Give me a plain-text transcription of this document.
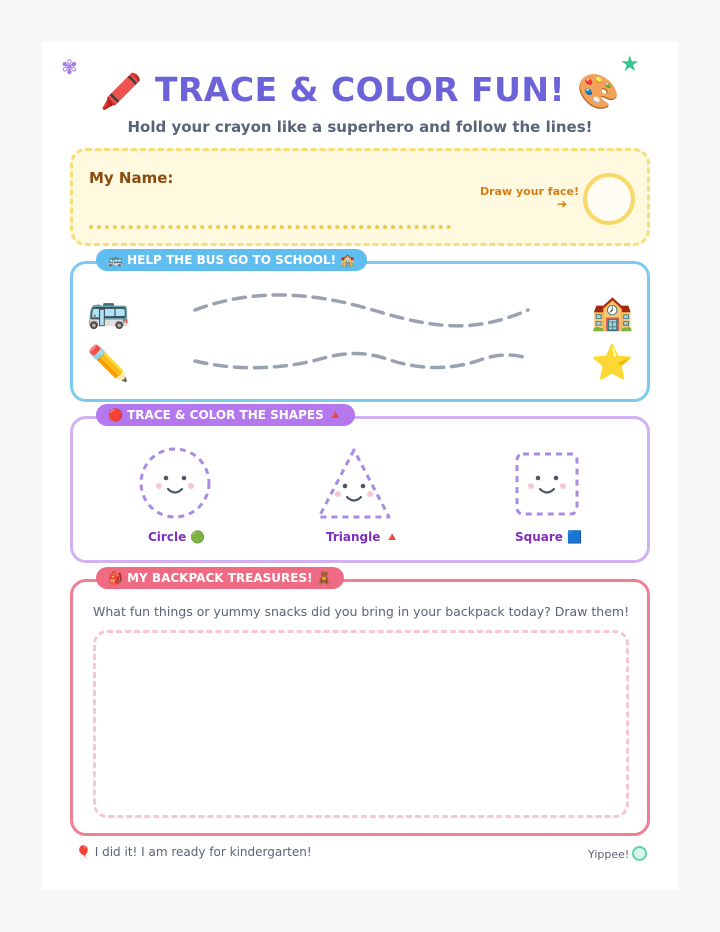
✾	★
🖍️ TRACE & COLOR FUN! 🎨
Hold your crayon like a superhero and follow the lines!
My Name:
Draw your face!
➔
🚌	🏫
✏️	⭐
🚌 HELP THE BUS GO TO SCHOOL! 🏫
Circle 🟢	Triangle 🔺	Square 🟦
🔴 TRACE & COLOR THE SHAPES 🔺
What fun things or yummy snacks did you bring in your backpack today? Draw them!
🎒 MY BACKPACK TREASURES! 🧸
🎈 I did it! I am ready for kindergarten!	Yippee!
